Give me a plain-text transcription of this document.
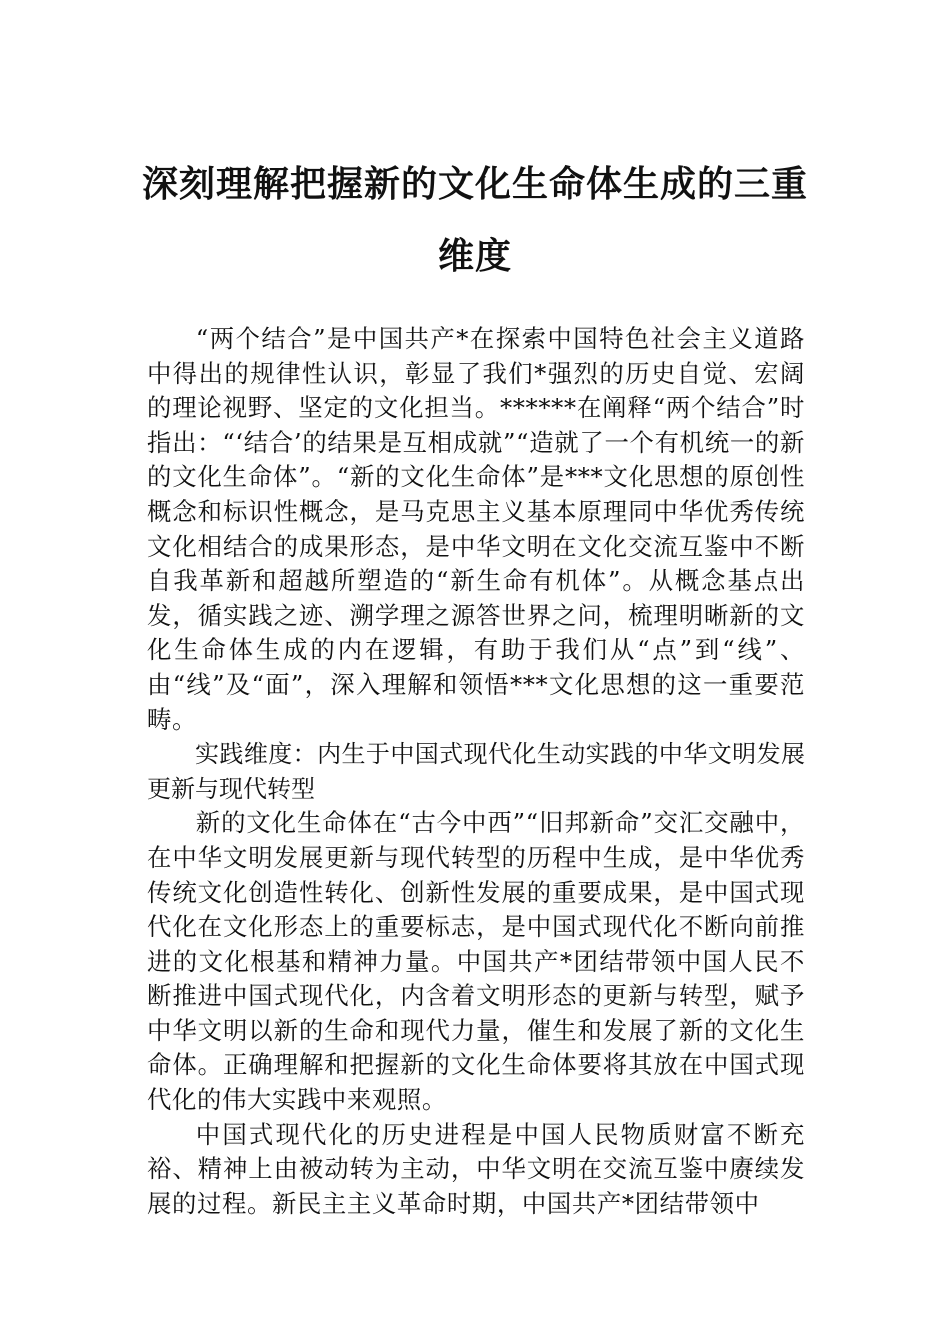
深刻理解把握新的文化生命体生成的三重
维度

“两个结合”是中国共产*在探索中国特色社会主义道路中得出的规律性认识，彰显了我们*强烈的历史自觉、宏阔的理论视野、坚定的文化担当。******在阐释“两个结合”时指出：“‘结合’的结果是互相成就”“造就了一个有机统一的新的文化生命体”。“新的文化生命体”是***文化思想的原创性概念和标识性概念，是马克思主义基本原理同中华优秀传统文化相结合的成果形态，是中华文明在文化交流互鉴中不断自我革新和超越所塑造的“新生命有机体”。从概念基点出发，循实践之迹、溯学理之源答世界之问，梳理明晰新的文化生命体生成的内在逻辑，有助于我们从“点”到“线”、由“线”及“面”，深入理解和领悟***文化思想的这一重要范畴。

实践维度：内生于中国式现代化生动实践的中华文明发展更新与现代转型

新的文化生命体在“古今中西”“旧邦新命”交汇交融中，在中华文明发展更新与现代转型的历程中生成，是中华优秀传统文化创造性转化、创新性发展的重要成果，是中国式现代化在文化形态上的重要标志，是中国式现代化不断向前推进的文化根基和精神力量。中国共产*团结带领中国人民不断推进中国式现代化，内含着文明形态的更新与转型，赋予中华文明以新的生命和现代力量，催生和发展了新的文化生命体。正确理解和把握新的文化生命体要将其放在中国式现代化的伟大实践中来观照。

中国式现代化的历史进程是中国人民物质财富不断充裕、精神上由被动转为主动，中华文明在交流互鉴中赓续发展的过程。新民主主义革命时期，中国共产*团结带领中
